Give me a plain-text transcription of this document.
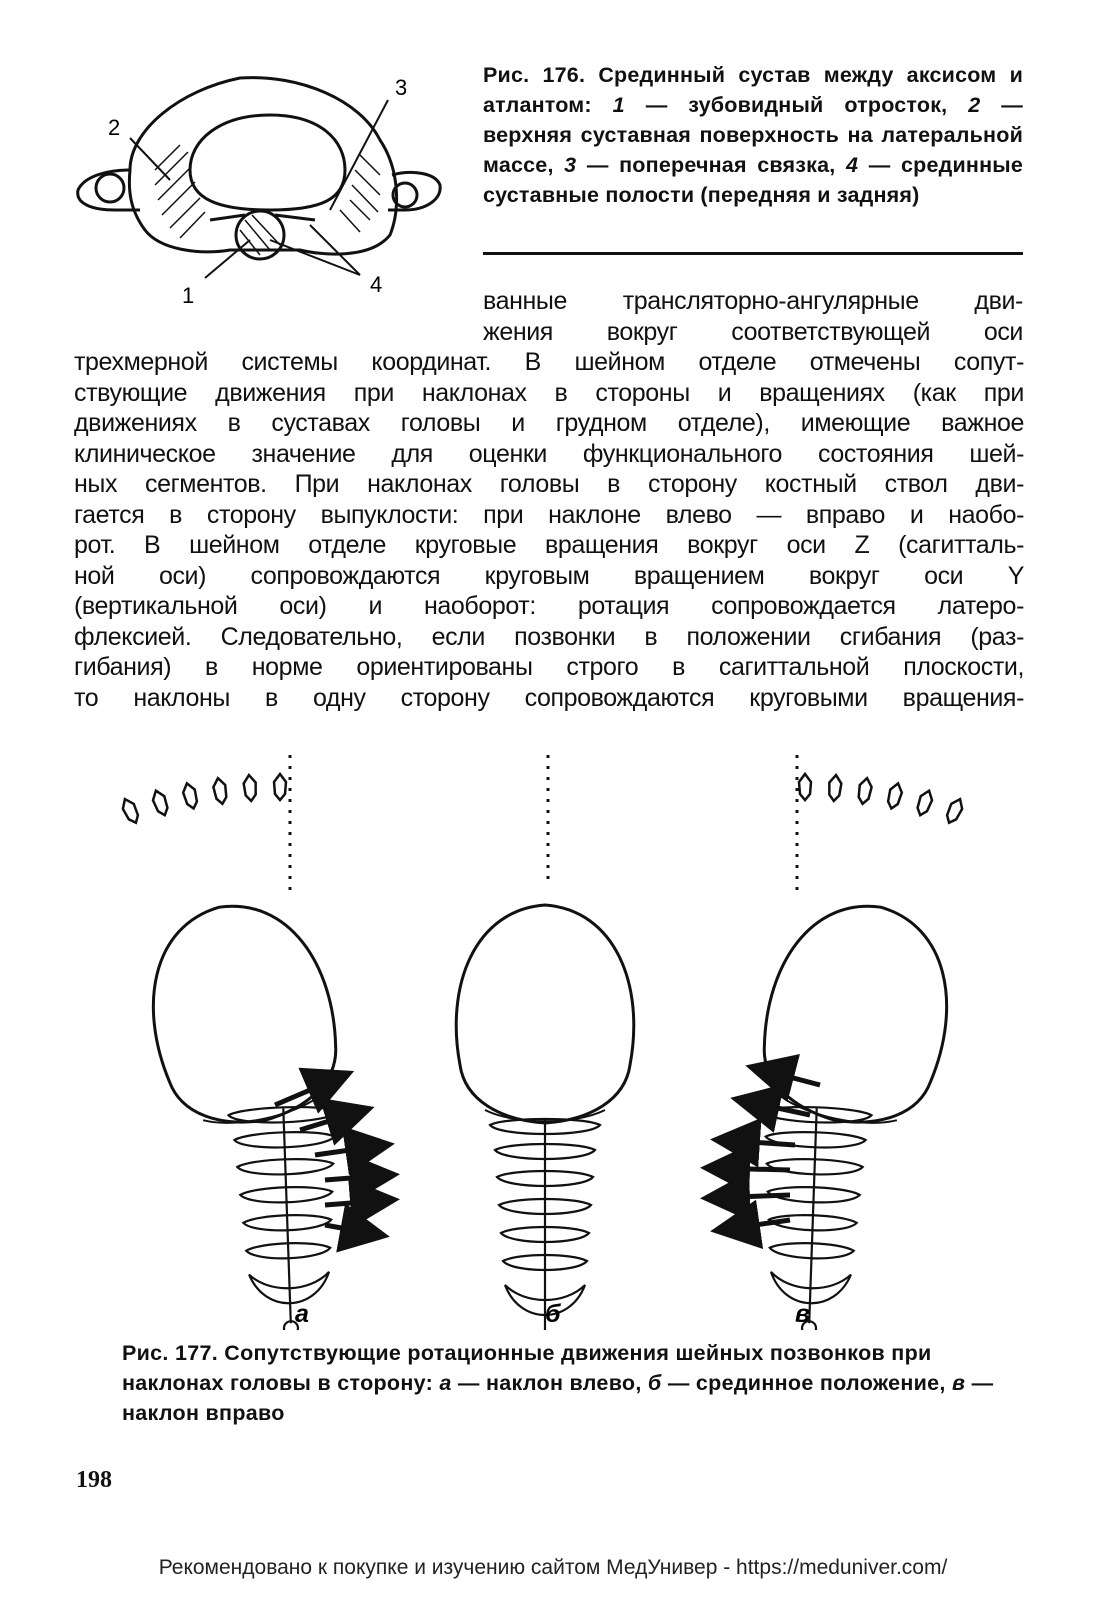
2
3
1	4
Рис. 176. Срединный сустав между аксисом и атлантом: 1 — зубовидный отросток, 2 — верхняя суставная поверхность на латеральной массе, 3 — поперечная связка, 4 — срединные суставные полости (передняя и задняя)
ванные трансляторно-ангулярные дви-
жения вокруг соответствующей оси
трехмерной системы координат. В шейном отделе отмечены сопут-
ствующие движения при наклонах в стороны и вращениях (как при
движениях в суставах головы и грудном отделе), имеющие важное
клиническое значение для оценки функционального состояния шей-
ных сегментов. При наклонах головы в сторону костный ствол дви-
гается в сторону выпуклости: при наклоне влево — вправо и наобо-
рот. В шейном отделе круговые вращения вокруг оси Z (сагитталь-
ной оси) сопровождаются круговым вращением вокруг оси Y
(вертикальной оси) и наоборот: ротация сопровождается латеро-
флексией. Следовательно, если позвонки в положении сгибания (раз-
гибания) в норме ориентированы строго в сагиттальной плоскости,
то наклоны в одну сторону сопровождаются круговыми вращения-
а	б	в
Рис. 177. Сопутствующие ротационные движения шейных позвонков при наклонах головы в сторону: а — наклон влево, б — срединное положение, в — наклон вправо
198
Рекомендовано к покупке и изучению сайтом МедУнивер - https://meduniver.com/
